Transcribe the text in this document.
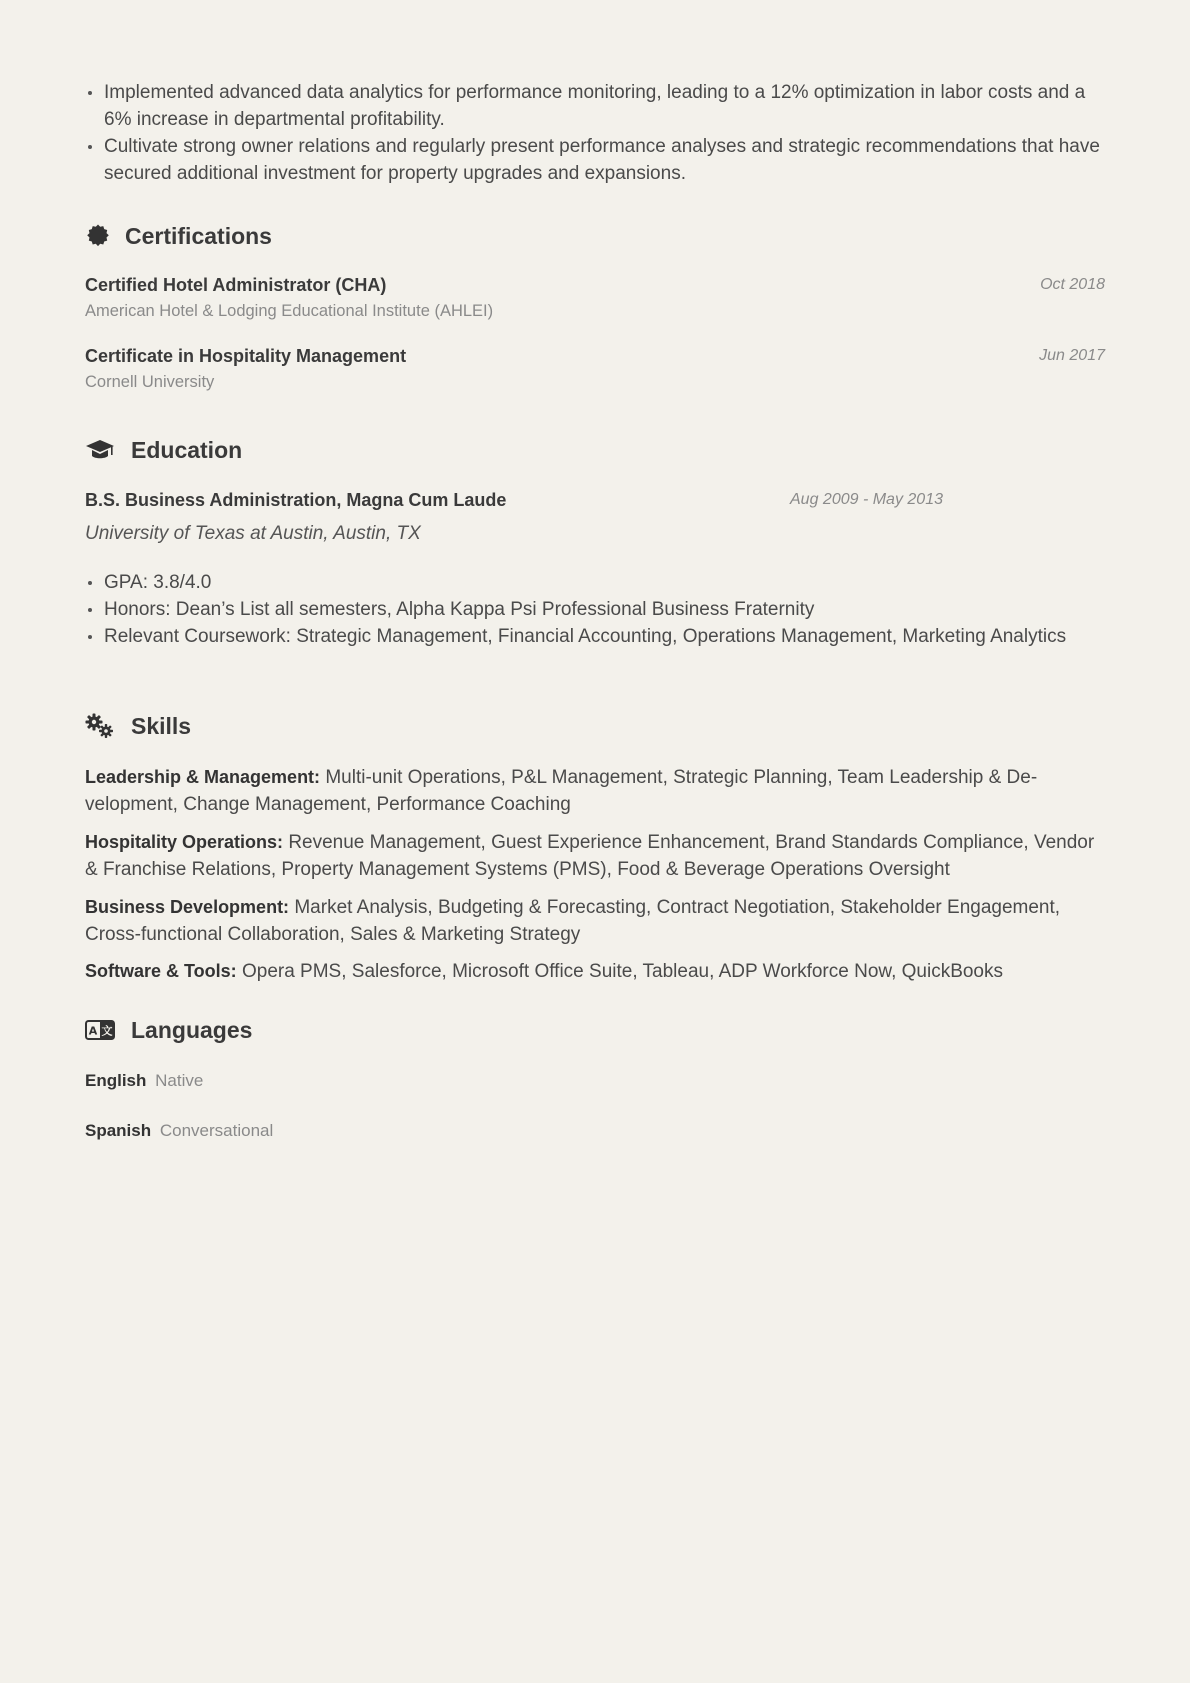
Implemented advanced data analytics for performance monitoring, leading to a 12% optimization in labor costs and a 6% increase in departmental profitability.
Cultivate strong owner relations and regularly present performance analyses and strategic recommendations that have secured additional investment for property upgrades and expansions.
Certifications
Certified Hotel Administrator (CHA)	Oct 2018
American Hotel & Lodging Educational Institute (AHLEI)
Certificate in Hospitality Management	Jun 2017
Cornell University
Education
B.S. Business Administration, Magna Cum Laude	Aug 2009 - May 2013
University of Texas at Austin, Austin, TX
GPA: 3.8/4.0
Honors: Dean’s List all semesters, Alpha Kappa Psi Professional Business Fraternity
Relevant Coursework: Strategic Management, Financial Accounting, Operations Management, Marketing Analytics
Skills
Leadership & Management: Multi-unit Operations, P&L Management, Strategic Planning, Team Leadership & Development, Change Management, Performance Coaching
Hospitality Operations: Revenue Management, Guest Experience Enhancement, Brand Standards Compliance, Vendor & Franchise Relations, Property Management Systems (PMS), Food & Beverage Operations Oversight
Business Development: Market Analysis, Budgeting & Forecasting, Contract Negotiation, Stakeholder Engagement, Cross-functional Collaboration, Sales & Marketing Strategy
Software & Tools: Opera PMS, Salesforce, Microsoft Office Suite, Tableau, ADP Workforce Now, QuickBooks
A 文 Languages
English Native
Spanish Conversational
